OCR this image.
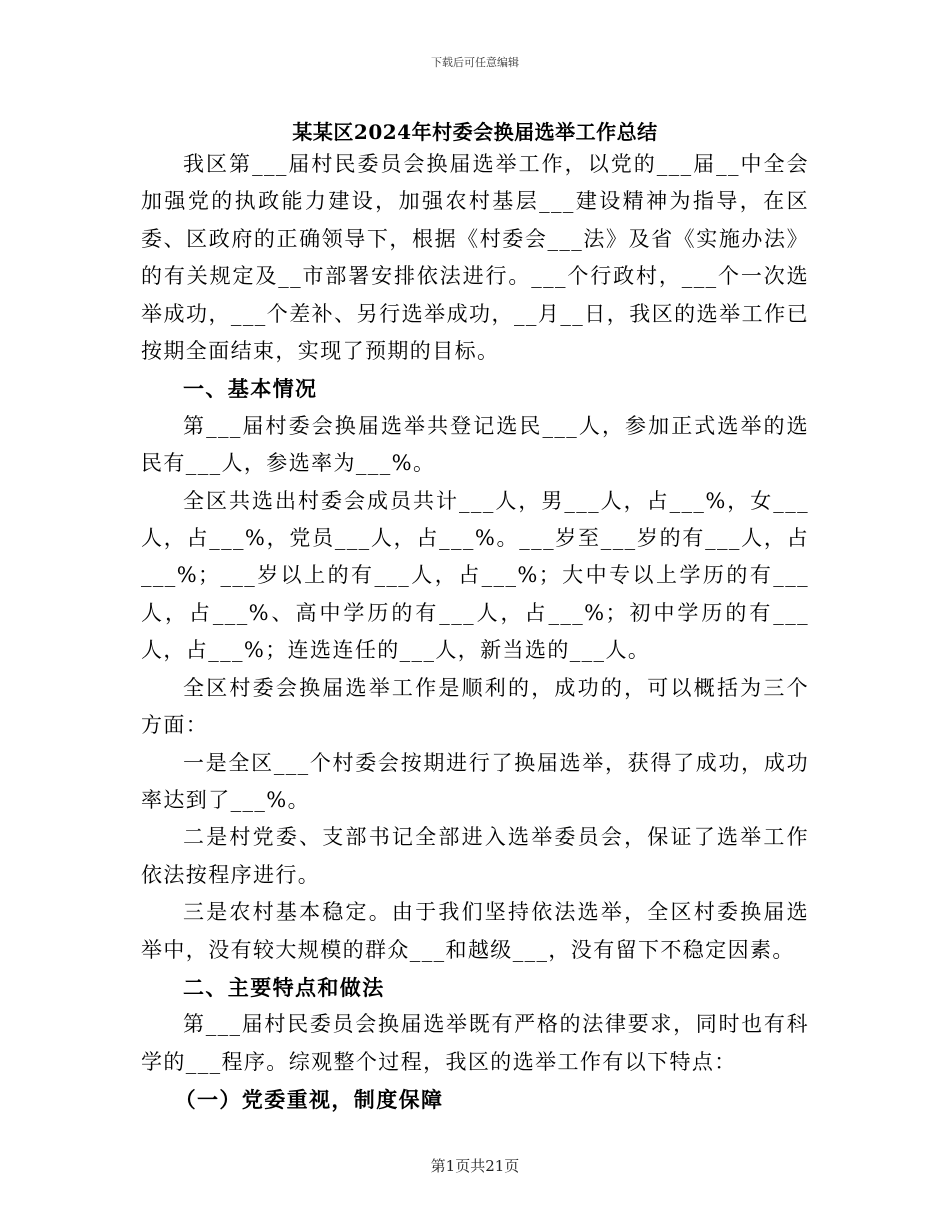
下载后可任意编辑
某某区2024年村委会换届选举工作总结

我区第___届村民委员会换届选举工作，以党的___届__中全会加强党的执政能力建设，加强农村基层___建设精神为指导，在区委、区政府的正确领导下，根据《村委会___法》及省《实施办法》的有关规定及__市部署安排依法进行。___个行政村，___个一次选举成功，___个差补、另行选举成功，__月__日，我区的选举工作已按期全面结束，实现了预期的目标。

一、基本情况

第___届村委会换届选举共登记选民___人，参加正式选举的选民有___人，参选率为___%。

全区共选出村委会成员共计___人，男___人，占___%，女___人，占___%，党员___人，占___%。___岁至___岁的有___人，占___%；___岁以上的有___人，占___%；大中专以上学历的有___人，占___%、高中学历的有___人，占___%；初中学历的有___人，占___%；连选连任的___人，新当选的___人。

全区村委会换届选举工作是顺利的，成功的，可以概括为三个方面：

一是全区___个村委会按期进行了换届选举，获得了成功，成功率达到了___%。

二是村党委、支部书记全部进入选举委员会，保证了选举工作依法按程序进行。

三是农村基本稳定。由于我们坚持依法选举，全区村委换届选举中，没有较大规模的群众___和越级___，没有留下不稳定因素。

二、主要特点和做法

第___届村民委员会换届选举既有严格的法律要求，同时也有科学的___程序。综观整个过程，我区的选举工作有以下特点：

（一）党委重视，制度保障

第1页共21页
